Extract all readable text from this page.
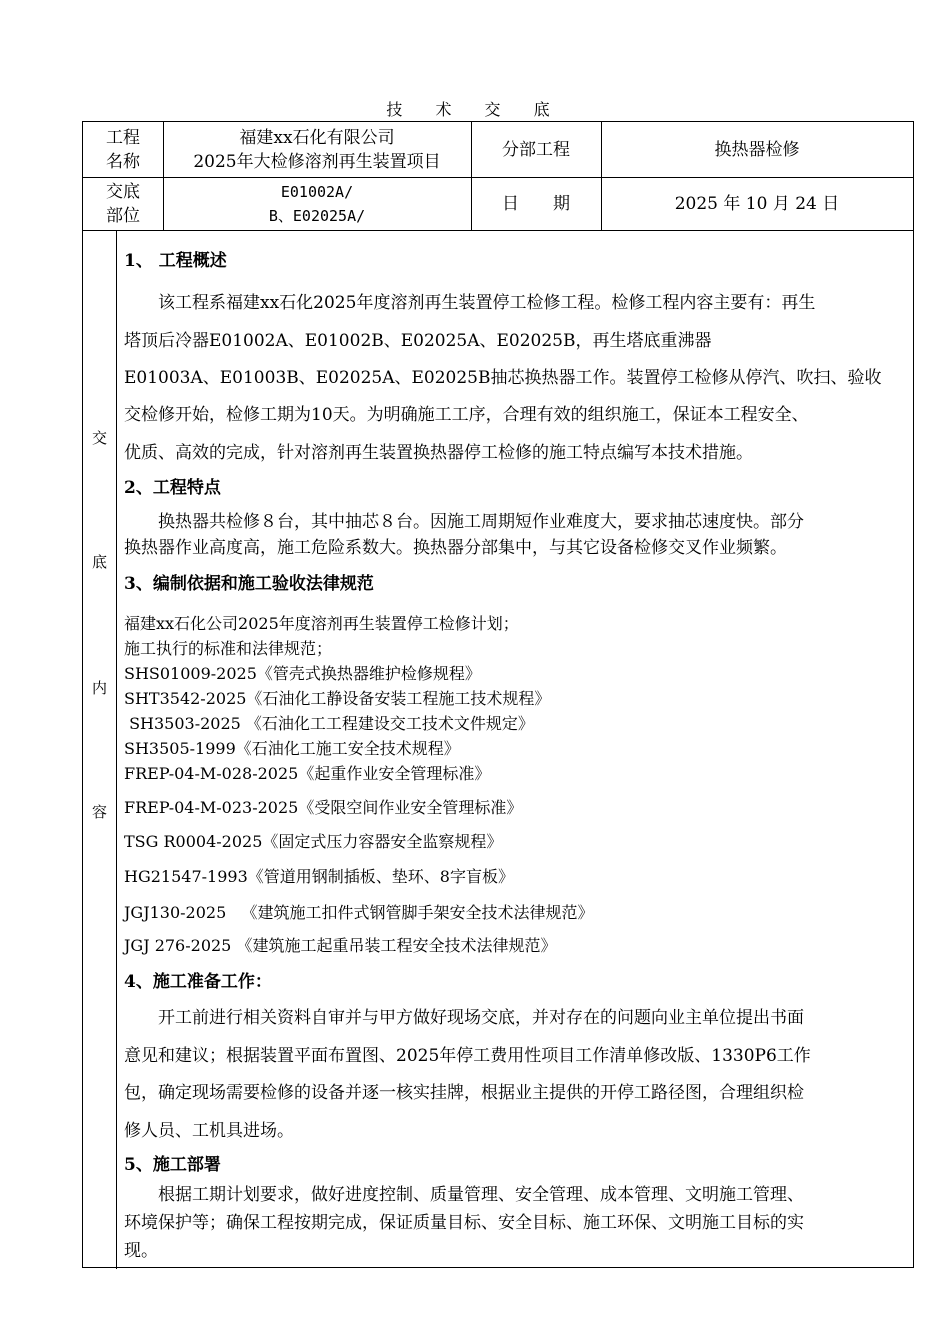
技 术 交 底
工程
名称
福建xx石化有限公司
2025年大检修溶剂再生装置项目
分部工程	换热器检修
交底
部位
E01002A/
B、E02025A/
日　　期	2025 年 10 月 24 日
交
底
内
容
1、 工程概述
　　该工程系福建xx石化2025年度溶剂再生装置停工检修工程。检修工程内容主要有：再生
塔顶后冷器E01002A、E01002B、E02025A、E02025B，再生塔底重沸器
E01003A、E01003B、E02025A、E02025B抽芯换热器工作。装置停工检修从停汽、吹扫、验收
交检修开始，检修工期为10天。为明确施工工序，合理有效的组织施工，保证本工程安全、
优质、高效的完成，针对溶剂再生装置换热器停工检修的施工特点编写本技术措施。
2、工程特点
　　换热器共检修８台，其中抽芯８台。因施工周期短作业难度大，要求抽芯速度快。部分
换热器作业高度高，施工危险系数大。换热器分部集中，与其它设备检修交叉作业频繁。
3、编制依据和施工验收法律规范
福建xx石化公司2025年度溶剂再生装置停工检修计划；
施工执行的标准和法律规范；
SHS01009-2025《管壳式换热器维护检修规程》
SHT3542-2025《石油化工静设备安装工程施工技术规程》
SH3503-2025 《石油化工工程建设交工技术文件规定》
SH3505-1999《石油化工施工安全技术规程》
FREP-04-M-028-2025《起重作业安全管理标准》
FREP-04-M-023-2025《受限空间作业安全管理标准》
TSG R0004-2025《固定式压力容器安全监察规程》
HG21547-1993《管道用钢制插板、垫环、8字盲板》
JGJ130-2025   《建筑施工扣件式钢管脚手架安全技术法律规范》
JGJ 276-2025 《建筑施工起重吊装工程安全技术法律规范》
4、施工准备工作：
　　开工前进行相关资料自审并与甲方做好现场交底，并对存在的问题向业主单位提出书面
意见和建议；根据装置平面布置图、2025年停工费用性项目工作清单修改版、1330P6工作
包，确定现场需要检修的设备并逐一核实挂牌，根据业主提供的开停工路径图，合理组织检
修人员、工机具进场。
5、施工部署
　　根据工期计划要求，做好进度控制、质量管理、安全管理、成本管理、文明施工管理、
环境保护等；确保工程按期完成，保证质量目标、安全目标、施工环保、文明施工目标的实
现。
